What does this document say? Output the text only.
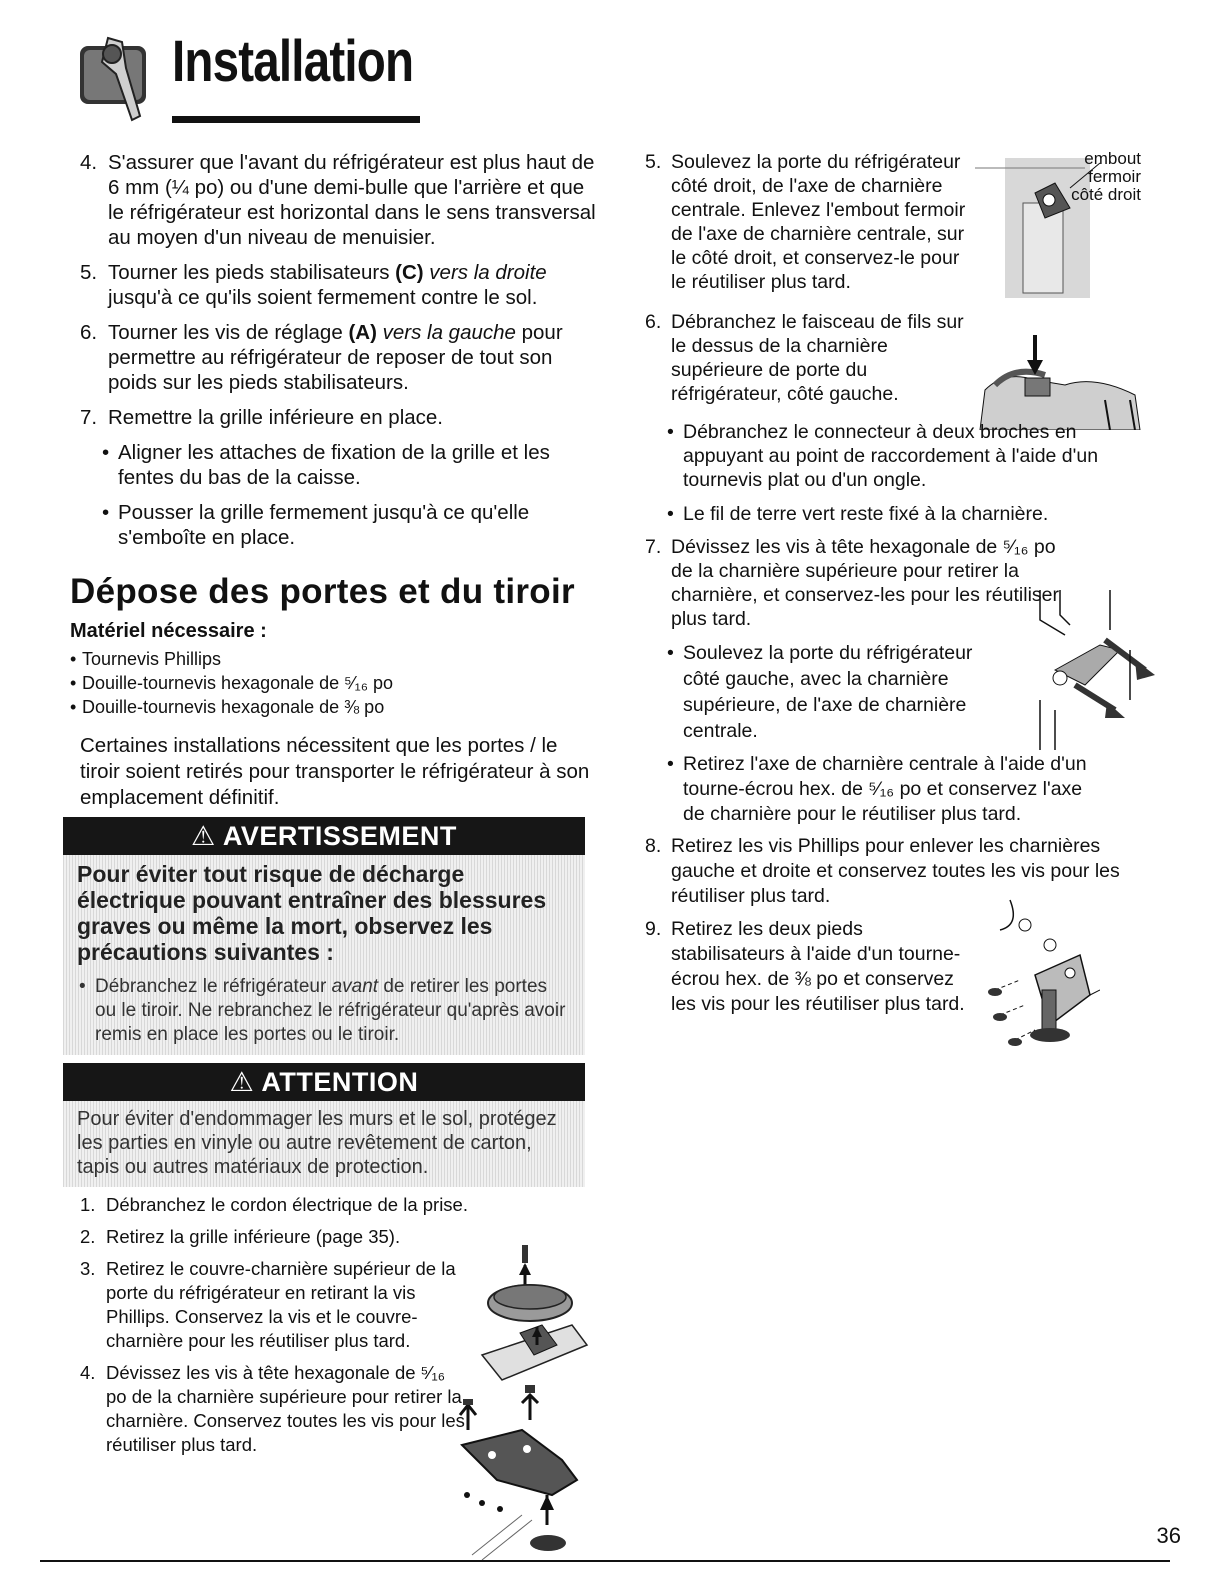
Installation
4. S'assurer que l'avant du réfrigérateur est plus haut de 6 mm (¼ po) ou d'une demi-bulle que l'arrière et que le réfrigérateur est horizontal dans le sens transversal au moyen d'un niveau de menuisier.
5. Tourner les pieds stabilisateurs (C) vers la droite jusqu'à ce qu'ils soient fermement contre le sol.
6. Tourner les vis de réglage (A) vers la gauche pour permettre au réfrigérateur de reposer de tout son poids sur les pieds stabilisateurs.
7. Remettre la grille inférieure en place.
• Aligner les attaches de fixation de la grille et les fentes du bas de la caisse.
• Pousser la grille fermement jusqu'à ce qu'elle s'emboîte en place.
Dépose des portes et du tiroir
Matériel nécessaire :
• Tournevis Phillips
• Douille-tournevis hexagonale de ⁵⁄₁₆ po
• Douille-tournevis hexagonale de ⅜ po
Certaines installations nécessitent que les portes / le tiroir soient retirés pour transporter le réfrigérateur à son emplacement définitif.
⚠ AVERTISSEMENT
Pour éviter tout risque de décharge électrique pouvant entraîner des blessures graves ou même la mort, observez les précautions suivantes :
• Débranchez le réfrigérateur avant de retirer les portes ou le tiroir. Ne rebranchez le réfrigérateur qu'après avoir remis en place les portes ou le tiroir.
⚠ ATTENTION
Pour éviter d'endommager les murs et le sol, protégez les parties en vinyle ou autre revêtement de carton, tapis ou autres matériaux de protection.
1. Débranchez le cordon électrique de la prise.
2. Retirez la grille inférieure (page 35).
3. Retirez le couvre-charnière supérieur de la porte du réfrigérateur en retirant la vis Phillips. Conservez la vis et le couvre-charnière pour les réutiliser plus tard.
4. Dévissez les vis à tête hexagonale de ⁵⁄₁₆ po de la charnière supérieure pour retirer la charnière. Conservez toutes les vis pour les réutiliser plus tard.
5. Soulevez la porte du réfrigérateur côté droit, de l'axe de charnière centrale. Enlevez l'embout fermoir de l'axe de charnière centrale, sur le côté droit, et conservez-le pour le réutiliser plus tard.
embout fermoir côté droit
6. Débranchez le faisceau de fils sur le dessus de la charnière supérieure de porte du réfrigérateur, côté gauche.
• Débranchez le connecteur à deux broches en appuyant au point de raccordement à l'aide d'un tournevis plat ou d'un ongle.
• Le fil de terre vert reste fixé à la charnière.
7. Dévissez les vis à tête hexagonale de ⁵⁄₁₆ po de la charnière supérieure pour retirer la charnière, et conservez-les pour les réutiliser plus tard.
• Soulevez la porte du réfrigérateur côté gauche, avec la charnière supérieure, de l'axe de charnière centrale.
• Retirez l'axe de charnière centrale à l'aide d'un tourne-écrou hex. de ⁵⁄₁₆ po et conservez l'axe de charnière pour le réutiliser plus tard.
8. Retirez les vis Phillips pour enlever les charnières gauche et droite et conservez toutes les vis pour les réutiliser plus tard.
9. Retirez les deux pieds stabilisateurs à l'aide d'un tourne-écrou hex. de ⅜ po et conservez les vis pour les réutiliser plus tard.
36
